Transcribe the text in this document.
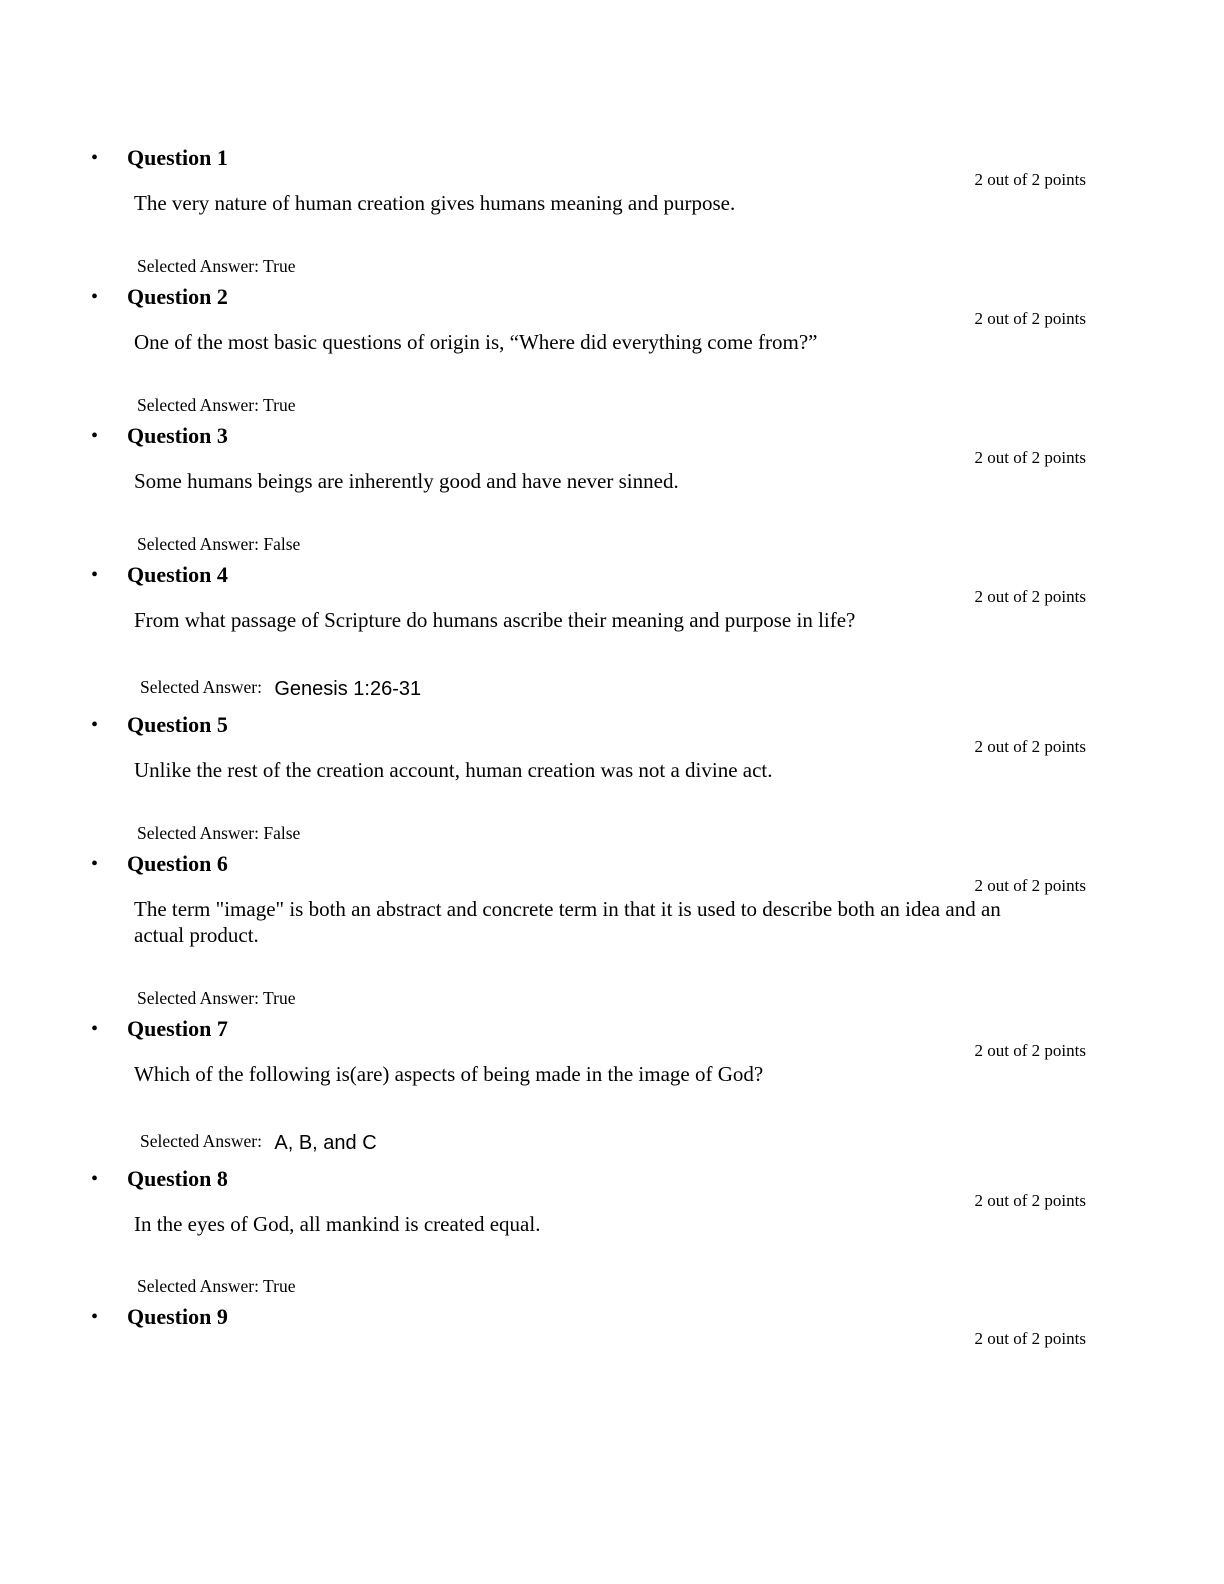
• Question 1
2 out of 2 points
The very nature of human creation gives humans meaning and purpose.
Selected Answer: True
• Question 2
2 out of 2 points
One of the most basic questions of origin is, “Where did everything come from?”
Selected Answer: True
• Question 3
2 out of 2 points
Some humans beings are inherently good and have never sinned.
Selected Answer: False
• Question 4
2 out of 2 points
From what passage of Scripture do humans ascribe their meaning and purpose in life?
Selected Answer: Genesis 1:26-31
• Question 5
2 out of 2 points
Unlike the rest of the creation account, human creation was not a divine act.
Selected Answer: False
• Question 6
2 out of 2 points
The term "image" is both an abstract and concrete term in that it is used to describe both an idea and an actual product.
Selected Answer: True
• Question 7
2 out of 2 points
Which of the following is(are) aspects of being made in the image of God?
Selected Answer: A, B, and C
• Question 8
2 out of 2 points
In the eyes of God, all mankind is created equal.
Selected Answer: True
• Question 9
2 out of 2 points
